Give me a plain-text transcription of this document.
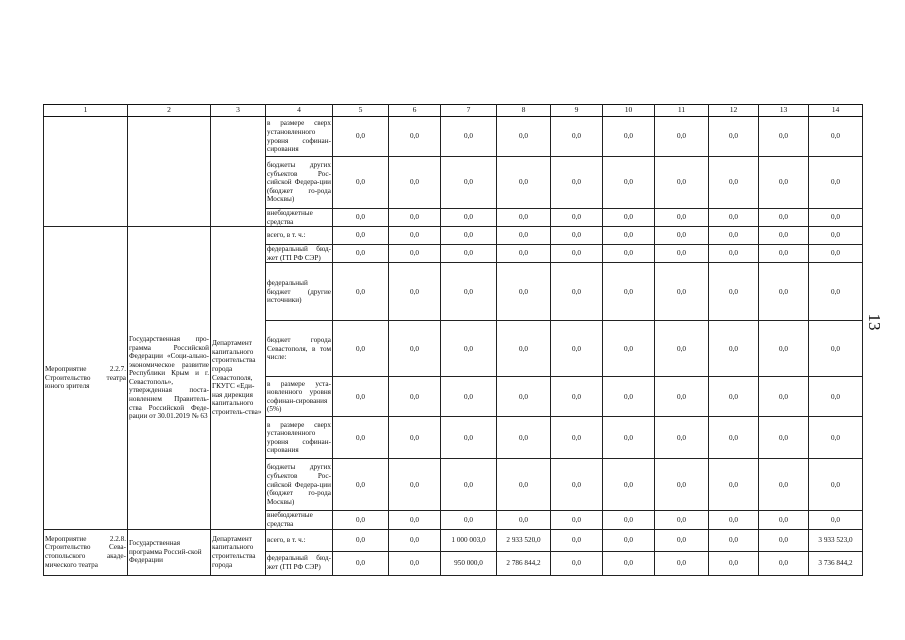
13
1	2	3	4	5	6	7	8	9	10	11	12	13	14
			в размере сверх установленного уровня софинан-сирования	0,0	0,0	0,0	0,0	0,0	0,0	0,0	0,0	0,0	0,0
			бюджеты других субъектов Рос-сийской Федера-ции (бюджет го-рода Москвы)	0,0	0,0	0,0	0,0	0,0	0,0	0,0	0,0	0,0	0,0
			внебюджетные средства	0,0	0,0	0,0	0,0	0,0	0,0	0,0	0,0	0,0	0,0
Мероприятие 2.2.7. Строительство театра юного зрителя	Государственная про-грамма Российской Федерации «Соци-ально-экономическое развитие Республики Крым и г. Севастополь», утвержденная поста-новлением Правитель-ства Российской Феде-рации от 30.01.2019 № 63	Департамент капитального строительства города Севастополя, ГКУГС «Еди-ная дирекция капитального строитель-ства»	всего, в т. ч.:	0,0	0,0	0,0	0,0	0,0	0,0	0,0	0,0	0,0	0,0
			федеральный бюд-жет (ГП РФ СЭР)	0,0	0,0	0,0	0,0	0,0	0,0	0,0	0,0	0,0	0,0
			федеральный бюджет (другие источники)	0,0	0,0	0,0	0,0	0,0	0,0	0,0	0,0	0,0	0,0
			бюджет города Севастополя, в том числе:	0,0	0,0	0,0	0,0	0,0	0,0	0,0	0,0	0,0	0,0
			в размере уста-новленного уровня софинан-сирования (5%)	0,0	0,0	0,0	0,0	0,0	0,0	0,0	0,0	0,0	0,0
			в размере сверх установленного уровня софинан-сирования	0,0	0,0	0,0	0,0	0,0	0,0	0,0	0,0	0,0	0,0
			бюджеты других субъектов Рос-сийской Федера-ции (бюджет го-рода Москвы)	0,0	0,0	0,0	0,0	0,0	0,0	0,0	0,0	0,0	0,0
			внебюджетные средства	0,0	0,0	0,0	0,0	0,0	0,0	0,0	0,0	0,0	0,0
Мероприятие 2.2.8. Строительство Сева-стопольского акаде-мического театра	Государственная программа Россий-ской Федерации	Департамент капитального строительства города	всего, в т. ч.:	0,0	0,0	1 000 003,0	2 933 520,0	0,0	0,0	0,0	0,0	0,0	3 933 523,0
			федеральный бюд-жет (ГП РФ СЭР)	0,0	0,0	950 000,0	2 786 844,2	0,0	0,0	0,0	0,0	0,0	3 736 844,2
